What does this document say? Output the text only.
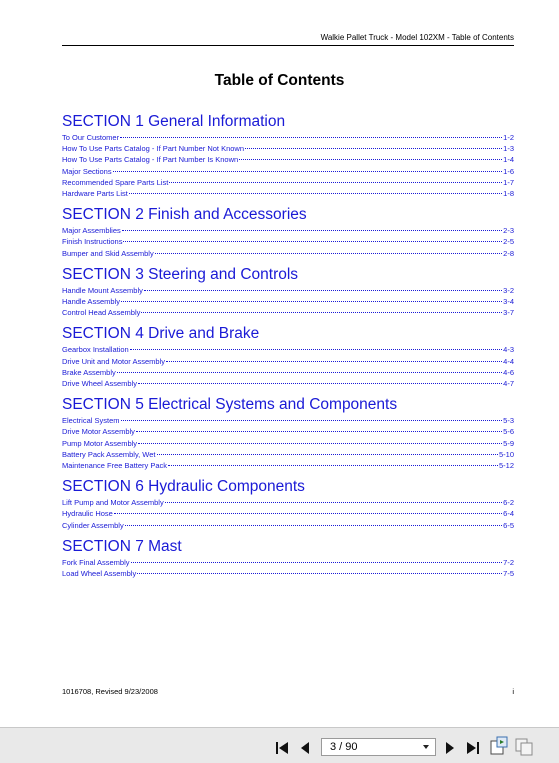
Walkie Pallet Truck - Model 102XM - Table of Contents
Table of Contents
SECTION 1 General Information
To Our Customer	1-2
How To Use Parts Catalog - If Part Number Not Known	1-3
How To Use Parts Catalog - If Part Number Is Known	1-4
Major Sections	1-6
Recommended Spare Parts List	1-7
Hardware Parts List	1-8
SECTION 2 Finish and Accessories
Major Assemblies	2-3
Finish Instructions	2-5
Bumper and Skid Assembly	2-8
SECTION 3 Steering and Controls
Handle Mount Assembly	3-2
Handle Assembly	3-4
Control Head Assembly	3-7
SECTION 4 Drive and Brake
Gearbox Installation	4-3
Drive Unit and Motor Assembly	4-4
Brake Assembly	4-6
Drive Wheel Assembly	4-7
SECTION 5 Electrical Systems and Components
Electrical System	5-3
Drive Motor Assembly	5-6
Pump Motor Assembly	5-9
Battery Pack Assembly, Wet	5-10
Maintenance Free Battery Pack	5-12
SECTION 6 Hydraulic Components
Lift Pump and Motor Assembly	6-2
Hydraulic Hose	6-4
Cylinder Assembly	6-5
SECTION 7 Mast
Fork Final Assembly	7-2
Load Wheel Assembly	7-5
1016708, Revised 9/23/2008	i
3 / 90
